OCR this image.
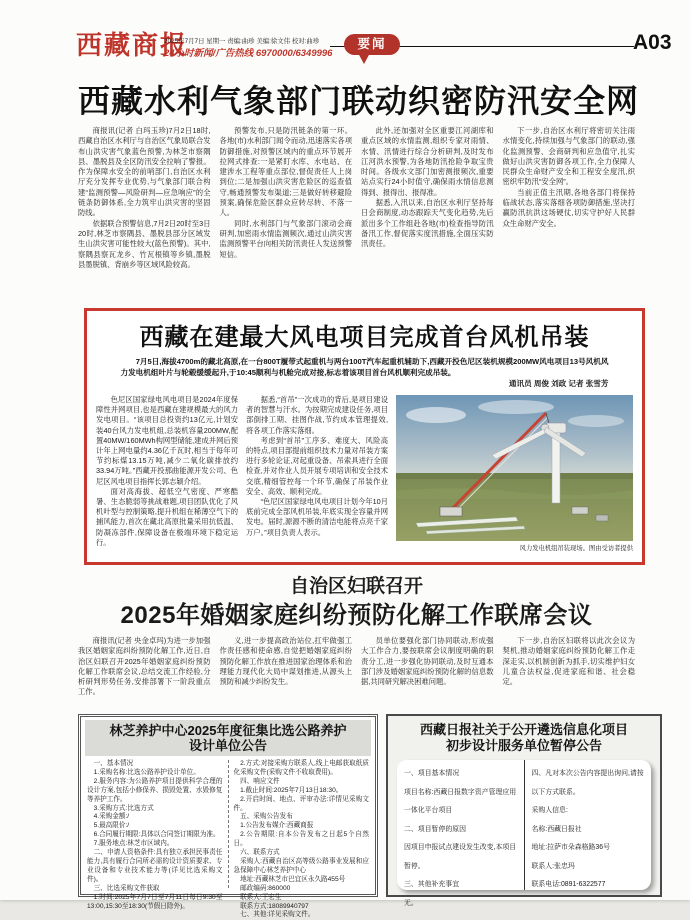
西藏商报
2025年7月7日 星期一 责编:曲珍 美编:徐文伟 校对:曲珍
24小时新闻/广告热线 6970000/6349996
要闻	A03
西藏水利气象部门联动织密防汛安全网

商报讯(记者 白玛玉珍)7月2日18时,西藏自治区水利厅与自治区气象局联合发布山洪灾害气象蓝色预警,为林芝市察隅县、墨脱县及全区防汛安全拉响了警报。作为保障水安全的前哨部门,自治区水利厅充分发挥专业优势,与气象部门联合构建“监测预警—风险研判—应急响应”的全链条防御体系,全力筑牢山洪灾害的坚固防线。

依据联合预警信息,7月2日20时至3日20时,林芝市察隅县、墨脱县部分区域发生山洪灾害可能性较大(蓝色预警)。其中,察隅县察瓦龙乡、竹瓦根镇等乡镇,墨脱县墨脱镇、背崩乡等区域风险较高。

预警发布,只是防汛链条的第一环。各地(市)水利部门闻令而动,迅速落实各项防御措施,对预警区域内的重点环节展开拉网式排查:一是紧盯水库、水电站、在建涉水工程等重点部位,督促责任人上岗到位;二是加强山洪灾害危险区的巡查值守,畅通预警发布渠道;三是做好转移避险预案,确保危险区群众应转尽转、不落一人。

同时,水利部门与气象部门滚动会商研判,加密雨水情监测频次,通过山洪灾害监测预警平台向相关防汛责任人发送预警短信。

此外,还加强对全区重要江河湖库和重点区域的水情监测,组织专家对雨情、水情、汛情进行综合分析研判,及时发布江河洪水预警,为各地防汛抢险争取宝贵时间。各级水文部门加密测报频次,重要站点实行24小时值守,确保雨水情信息测得到、报得出、报得准。

据悉,入汛以来,自治区水利厅坚持每日会商制度,动态跟踪天气变化趋势,先后派出多个工作组赴各地(市)检查指导防汛备汛工作,督促落实度汛措施,全面压实防汛责任。

下一步,自治区水利厅将密切关注雨水情变化,持续加强与气象部门的联动,强化监测预警、会商研判和应急值守,扎实做好山洪灾害防御各项工作,全力保障人民群众生命财产安全和工程安全度汛,织密织牢防汛“安全网”。

当前正值主汛期,各地各部门将保持临战状态,落实落细各项防御措施,坚决打赢防汛抗洪这场硬仗,切实守护好人民群众生命财产安全。

西藏在建最大风电项目完成首台风机吊装
7月5日,海拔4700m的藏北高原,在一台800T履带式起重机与两台100T汽车起重机辅助下,西藏开投色尼区装机规模200MW风电项目13号风机风力发电机组叶片与轮毂缓缓起升,于10:45顺利与机舱完成对接,标志着该项目首台风机顺利完成吊装。
通讯员 周俊 刘政 记者 张雪芳

色尼区国家绿电风电项目是2024年度保障性并网项目,也是西藏在建规模最大的风力发电项目。“该项目总投资约13亿元,计划安装40台风力发电机组,总装机容量200MW,配置40MW/160MWh构网型储能,建成并网后预计年上网电量约4.36亿千瓦时,相当于每年可节约标煤13.15万吨,减少二氧化碳排放约33.94万吨。”西藏开投那曲能源开发公司、色尼区风电项目指挥长郭志颖介绍。

面对高海拔、超低空气密度、严寒酷暑、生态脆弱等挑战难题,项目团队优化了风机叶型与控制策略,提升机组在稀薄空气下的捕风能力,首次在藏北高原批量采用抗低温、防凝冻部件,保障设备在极端环境下稳定运行。

据悉,“首吊”一次成功的背后,是项目建设者的智慧与汗水。为按期完成建设任务,项目部倒排工期、挂图作战,节约成本管理提效,将各项工作落实落细。

考虑到“首吊”工序多、难度大、风险高的特点,项目部提前组织技术力量对吊装方案进行多轮论证,对起重设备、吊索具进行全面检查,并对作业人员开展专项培训和安全技术交底,精细管控每一个环节,确保了吊装作业安全、高效、顺利完成。

“色尼区国家绿电风电项目计划今年10月底前完成全部风机吊装,年底实现全容量并网发电。届时,源源不断的清洁电能将点亮千家万户。”项目负责人表示。

风力发电机组吊装现场。图由受访者提供
自治区妇联召开
2025年婚姻家庭纠纷预防化解工作联席会议

商报讯(记者 央金卓玛)为进一步加强我区婚姻家庭纠纷预防化解工作,近日,自治区妇联召开2025年婚姻家庭纠纷预防化解工作联席会议,总结交流工作经验,分析研判形势任务,安排部署下一阶段重点工作。

义,进一步提高政治站位,扛牢做强工作责任感和使命感,自觉把婚姻家庭纠纷预防化解工作放在推进国家治理体系和治理能力现代化大局中谋划推进,从源头上预防和减少纠纷发生。

员单位要强化部门协同联动,形成强大工作合力,要按联席会议制度明确的职责分工,进一步强化协同联动,及时互通本部门涉及婚姻家庭纠纷预防化解的信息数据,共同研究解决困难问题。

下一步,自治区妇联将以此次会议为契机,推动婚姻家庭纠纷预防化解工作走深走实,以机制创新为抓手,切实维护妇女儿童合法权益,促进家庭和谐、社会稳定。

林芝养护中心2025年度征集比选公路养护
设计单位公告

一、基本情况

1.采购名称:比选公路养护设计单位。

2.服务内容:为公路养护项目提供科学合理的设计方案,包括小修保养、损毁处置、水毁修复等养护工作。

3.采购方式:比选方式

4.采购金额:/

5.最高限价:/

6.合同履行期限:具体以合同签订期限为准。

7.服务地点:林芝市区域内。

二、申请人资格条件:具有独立承担民事责任能力,具有履行合同所必需的设计资质要求、专业设备和专业技术能力等(详见比选采购文件)。

三、比选采购文件获取

1.时间:2025年7月7日至7月11日每日9:30至13:00,15:30至18:30(节假日除外)。

2.方式:对接采购方联系人,线上电邮获取纸质化采购文件(采购文件不收取费用)。

四、响应文件

1.截止时间:2025年7月13日18:30。

2.开启时间、地点、评审办法:详情见采购文件。

五、采购公告发布

1.公告发布媒介:西藏商报

2.公告期限:自本公告发布之日起5个自然日。

六、联系方式

采购人:西藏自治区高等级公路事业发展和应急保障中心林芝养护中心

地址:西藏林芝市巴宜区永久路455号

邮政编码:860000

联系人:王宏生

联系方式:18089940797

七、其他:详见采购文件。

西藏日报社关于公开遴选信息化项目
初步设计服务单位暂停公告

一、项目基本情况

项目名称:西藏日报数字资产管理应用一体化平台项目

二、项目暂停的原因

因项目申报试点建设发生改变,本项目暂停。

三、其他补充事宜

无。

四、凡对本次公告内容提出询问,请按以下方式联系。

采购人信息:

名称:西藏日报社

地址:拉萨市朵森格路36号

联系人:张忠玛

联系电话:0891-6322577
